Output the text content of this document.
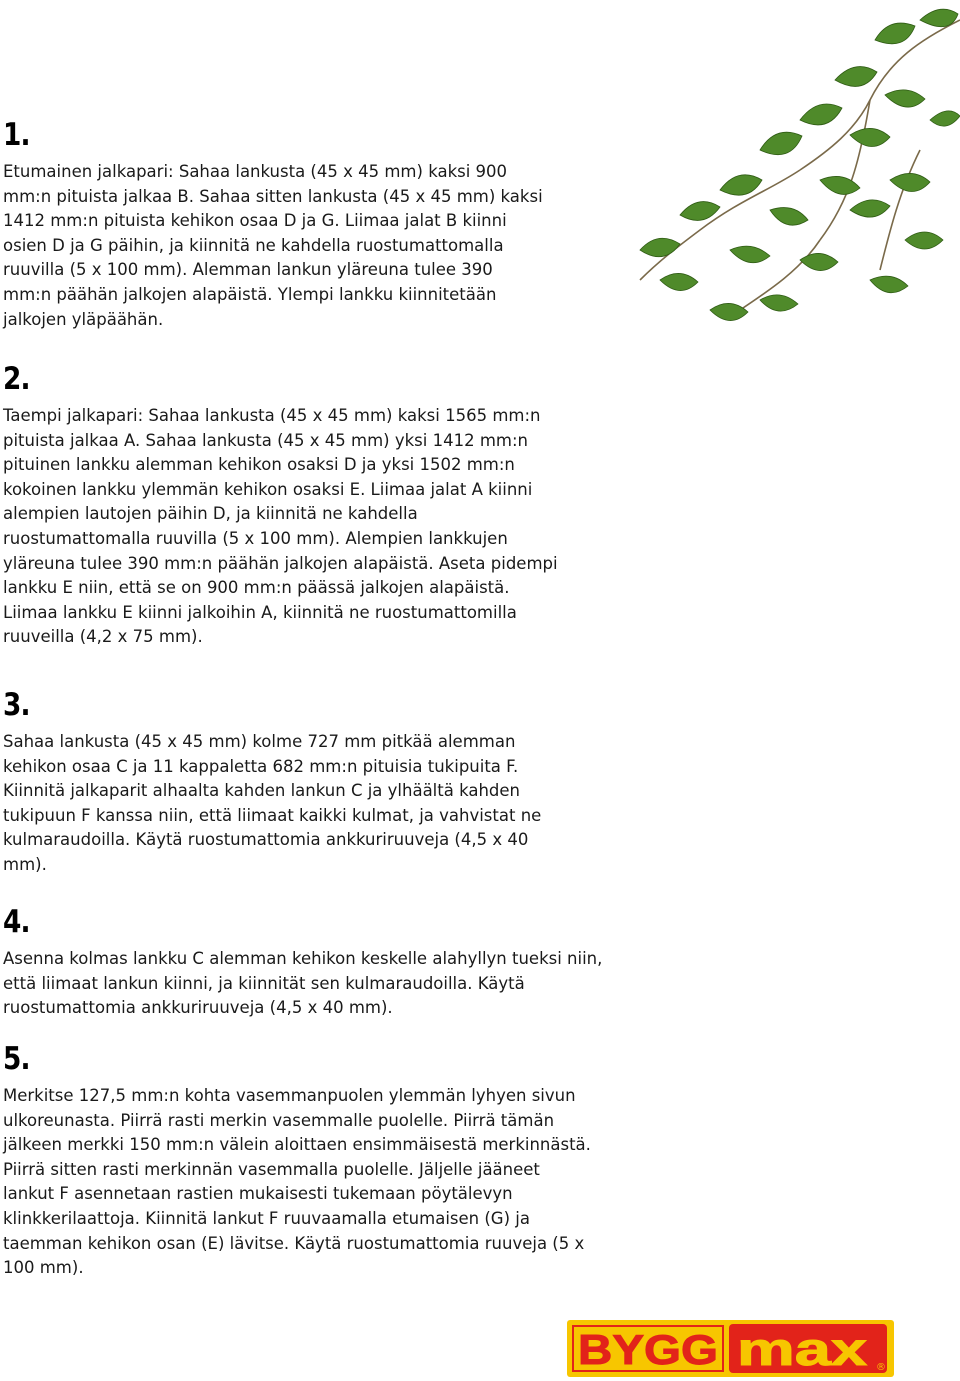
1.

Etumainen jalkapari: Sahaa lankusta (45 x 45 mm) kaksi 900 mm:n pituista jalkaa B. Sahaa sitten lankusta (45 x 45 mm) kaksi 1412 mm:n pituista kehikon osaa D ja G. Liimaa jalat B kiinni osien D ja G päihin, ja kiinnitä ne kahdella ruostumattomalla ruuvilla (5 x 100 mm). Alemman lankun yläreuna tulee 390 mm:n päähän jalkojen alapäistä. Ylempi lankku kiinnitetään jalkojen yläpäähän.

2.

Taempi jalkapari: Sahaa lankusta (45 x 45 mm) kaksi 1565 mm:n pituista jalkaa A. Sahaa lankusta (45 x 45 mm) yksi 1412 mm:n pituinen lankku alemman kehikon osaksi D ja yksi 1502 mm:n kokoinen lankku ylemmän kehikon osaksi E. Liimaa jalat A kiinni alempien lautojen päihin D, ja kiinnitä ne kahdella ruostumattomalla ruuvilla (5 x 100 mm). Alempien lankkujen yläreuna tulee 390 mm:n päähän jalkojen alapäistä. Aseta pidempi lankku E niin, että se on 900 mm:n päässä jalkojen alapäistä. Liimaa lankku E kiinni jalkoihin A, kiinnitä ne ruostumattomilla ruuveilla (4,2 x 75 mm).

3.

Sahaa lankusta (45 x 45 mm) kolme 727 mm pitkää alemman kehikon osaa C ja 11 kappaletta 682 mm:n pituisia tukipuita F. Kiinnitä jalkaparit alhaalta kahden lankun C ja ylhäältä kahden tukipuun F kanssa niin, että liimaat kaikki kulmat, ja vahvistat ne kulmaraudoilla. Käytä ruostumattomia ankkuriruuveja (4,5 x 40 mm).

4.

Asenna kolmas lankku C alemman kehikon keskelle alahyllyn tueksi niin, että liimaat lankun kiinni, ja kiinnität sen kulmaraudoilla. Käytä ruostumattomia ankkuriruuveja (4,5 x 40 mm).

5.

Merkitse 127,5 mm:n kohta vasemmanpuolen ylemmän lyhyen sivun ulkoreunasta. Piirrä rasti merkin vasemmalle puolelle. Piirrä tämän jälkeen merkki 150 mm:n välein aloittaen ensimmäisestä merkinnästä. Piirrä sitten rasti merkinnän vasemmalla puolelle. Jäljelle jääneet lankut F asennetaan rastien mukaisesti tukemaan pöytälevyn klinkkerilaattoja. Kiinnitä lankut F ruuvaamalla etumaisen (G) ja taemman kehikon osan (E) lävitse. Käytä ruostumattomia ruuveja (5 x 100 mm).

BYGG max ®
